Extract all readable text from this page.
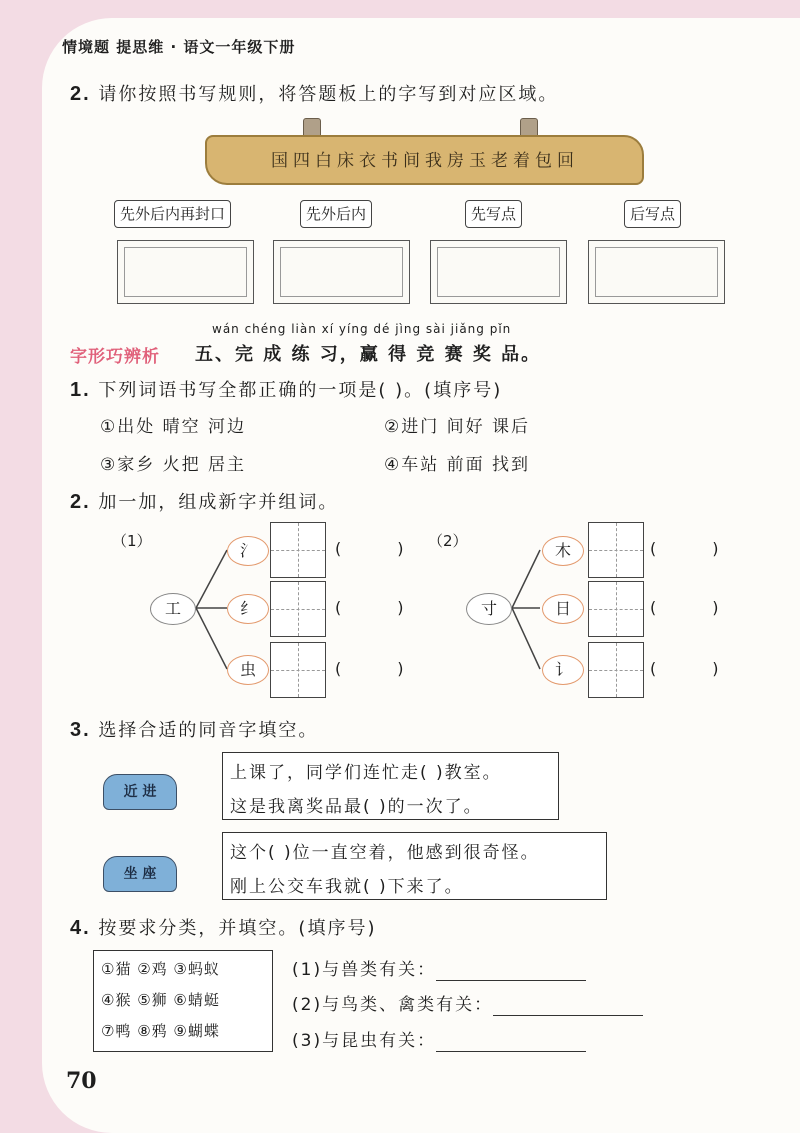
情境题 提思维 · 语文一年级下册
2. 请你按照书写规则，将答题板上的字写到对应区域。
国四白床衣书间我房玉老着包回
先外后内再封口	先外后内	先写点	后写点
wán chéng liàn xí yíng dé jìng sài jiǎng pǐn
字形巧辨析 五、完 成 练 习，赢 得 竞 赛 奖 品。
1. 下列词语书写全都正确的一项是( )。(填序号)
①出处 晴空 河边	②进门 间好 课后
③家乡 火把 居主	④车站 前面 找到
2. 加一加，组成新字并组词。
（1）
工
氵
纟
虫
(           )
(           )
(           )
（2）
寸
木
日
讠
(           )
(           )
(           )
3. 选择合适的同音字填空。
近 进
上课了，同学们连忙走( )教室。
这是我离奖品最( )的一次了。
坐 座
这个( )位一直空着，他感到很奇怪。
刚上公交车我就( )下来了。
4. 按要求分类，并填空。(填序号)
①猫 ②鸡 ③蚂蚁
④猴 ⑤狮 ⑥蜻蜓
⑦鸭 ⑧鸦 ⑨蝴蝶
(1)与兽类有关：
(2)与鸟类、禽类有关：
(3)与昆虫有关：
70
